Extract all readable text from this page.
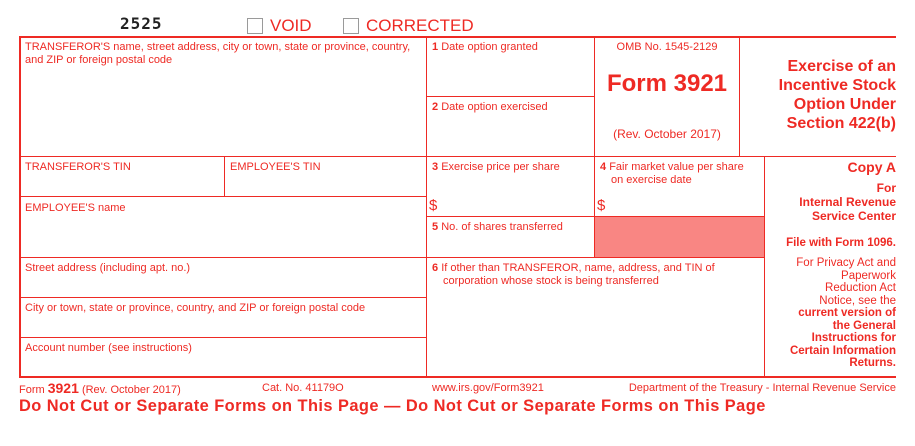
2525	VOID	CORRECTED
TRANSFEROR'S name, street address, city or town, state or province, country, and ZIP or foreign postal code
1 Date option granted
2 Date option exercised
OMB No. 1545-2129
Form 3921
(Rev. October 2017)
Exercise of an
Incentive Stock
Option Under
Section 422(b)
TRANSFEROR'S TIN	EMPLOYEE'S TIN	3 Exercise price per share
$
4 Fair market value per share
on exercise date
$
EMPLOYEE'S name
5 No. of shares transferred
Copy A
For
Internal Revenue
Service Center
File with Form 1096.
For Privacy Act and
Paperwork
Reduction Act
Notice, see the
current version of
the General
Instructions for
Certain Information
Returns.
Street address (including apt. no.)	6 If other than TRANSFEROR, name, address, and TIN of
corporation whose stock is being transferred
City or town, state or province, country, and ZIP or foreign postal code
Account number (see instructions)
Form 3921 (Rev. October 2017)	Cat. No. 41179O	www.irs.gov/Form3921	Department of the Treasury - Internal Revenue Service
Do Not Cut or Separate Forms on This Page — Do Not Cut or Separate Forms on This Page
